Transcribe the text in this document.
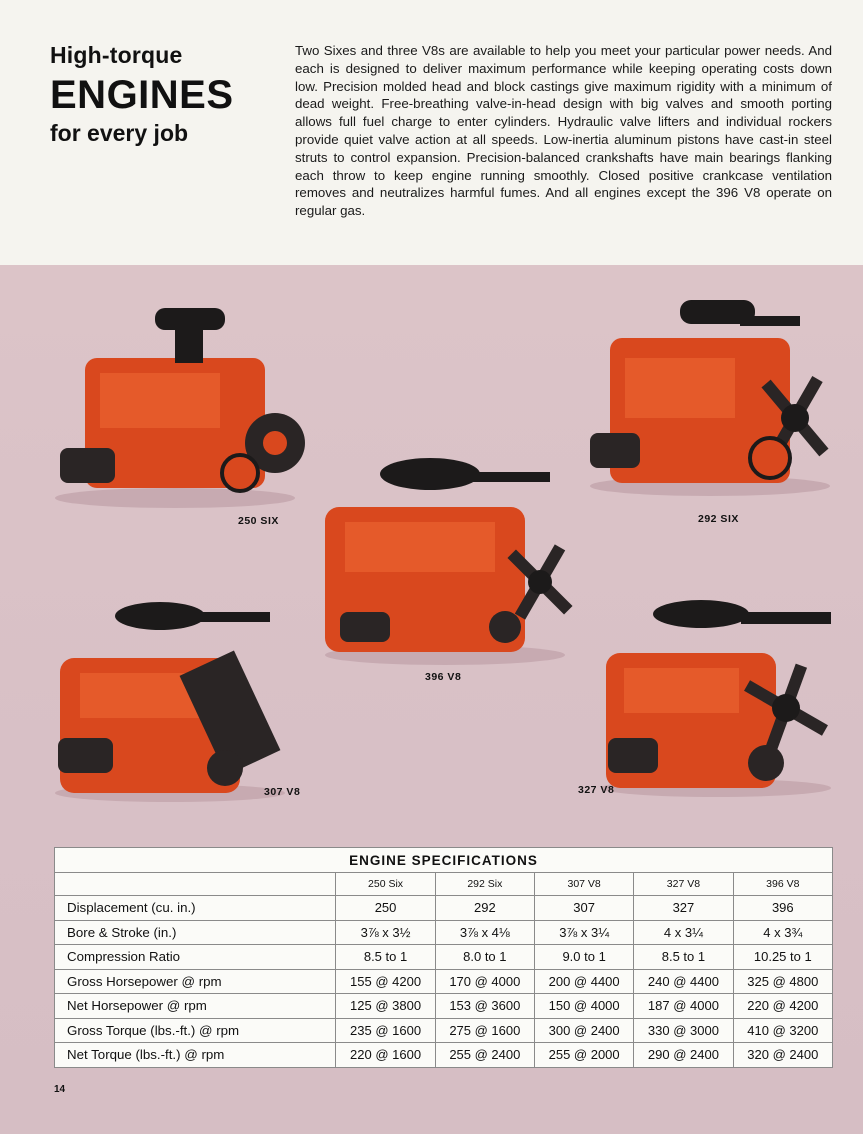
High-torque
ENGINES
for every job
Two Sixes and three V8s are available to help you meet your particular power needs. And each is designed to deliver maximum performance while keeping operating costs down low. Precision molded head and block castings give maximum rigidity with a minimum of dead weight. Free-breathing valve-in-head design with big valves and smooth porting allows full fuel charge to enter cylinders. Hydraulic valve lifters and individual rockers provide quiet valve action at all speeds. Low-inertia aluminum pistons have cast-in steel struts to control expansion. Precision-balanced crankshafts have main bearings flanking each throw to keep engine running smoothly. Closed positive crankcase ventilation removes and neutralizes harmful fumes. And all engines except the 396 V8 operate on regular gas.
250 SIX	292 SIX
396 V8
307 V8	327 V8
ENGINE SPECIFICATIONS					
	250 Six	292 Six	307 V8	327 V8	396 V8
Displacement (cu. in.)	250	292	307	327	396
Bore & Stroke (in.)	3⅞ x 3½	3⅞ x 4⅛	3⅞ x 3¼	4 x 3¼	4 x 3¾
Compression Ratio	8.5 to 1	8.0 to 1	9.0 to 1	8.5 to 1	10.25 to 1
Gross Horsepower @ rpm	155 @ 4200	170 @ 4000	200 @ 4400	240 @ 4400	325 @ 4800
Net Horsepower @ rpm	125 @ 3800	153 @ 3600	150 @ 4000	187 @ 4000	220 @ 4200
Gross Torque (lbs.-ft.) @ rpm	235 @ 1600	275 @ 1600	300 @ 2400	330 @ 3000	410 @ 3200
Net Torque (lbs.-ft.) @ rpm	220 @ 1600	255 @ 2400	255 @ 2000	290 @ 2400	320 @ 2400
14
